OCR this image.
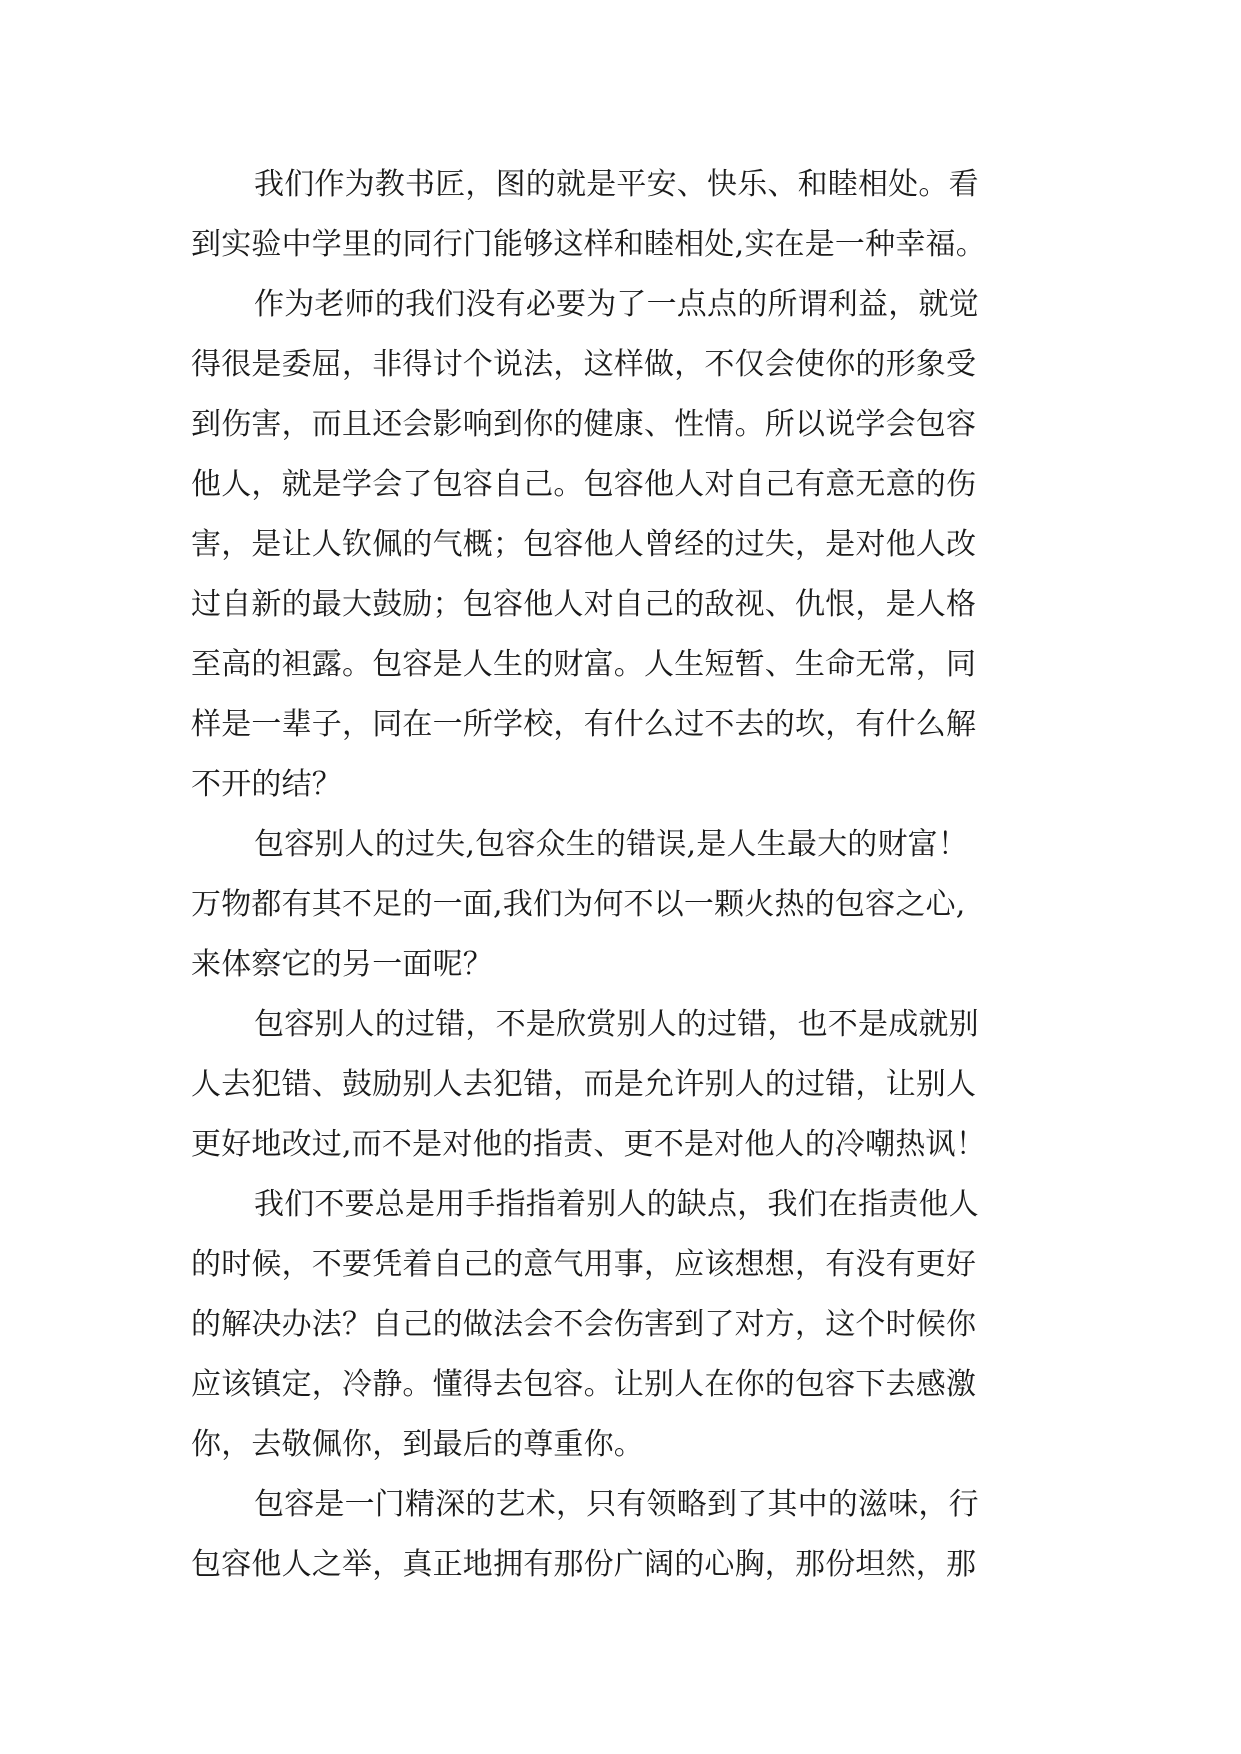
我们作为教书匠，图的就是平安、快乐、和睦相处。看
到实验中学里的同行门能够这样和睦相处,实在是一种幸福。
作为老师的我们没有必要为了一点点的所谓利益，就觉
得很是委屈，非得讨个说法，这样做，不仅会使你的形象受
到伤害，而且还会影响到你的健康、性情。所以说学会包容
他人，就是学会了包容自己。包容他人对自己有意无意的伤
害，是让人钦佩的气概；包容他人曾经的过失，是对他人改
过自新的最大鼓励；包容他人对自己的敌视、仇恨，是人格
至高的袒露。包容是人生的财富。人生短暂、生命无常，同
样是一辈子，同在一所学校，有什么过不去的坎，有什么解
不开的结？
包容别人的过失,包容众生的错误,是人生最大的财富！
万物都有其不足的一面,我们为何不以一颗火热的包容之心,
来体察它的另一面呢？
包容别人的过错，不是欣赏别人的过错，也不是成就别
人去犯错、鼓励别人去犯错，而是允许别人的过错，让别人
更好地改过,而不是对他的指责、更不是对他人的冷嘲热讽！
我们不要总是用手指指着别人的缺点，我们在指责他人
的时候，不要凭着自己的意气用事，应该想想，有没有更好
的解决办法？自己的做法会不会伤害到了对方，这个时候你
应该镇定，冷静。懂得去包容。让别人在你的包容下去感激
你，去敬佩你，到最后的尊重你。
包容是一门精深的艺术，只有领略到了其中的滋味，行
包容他人之举，真正地拥有那份广阔的心胸，那份坦然，那
